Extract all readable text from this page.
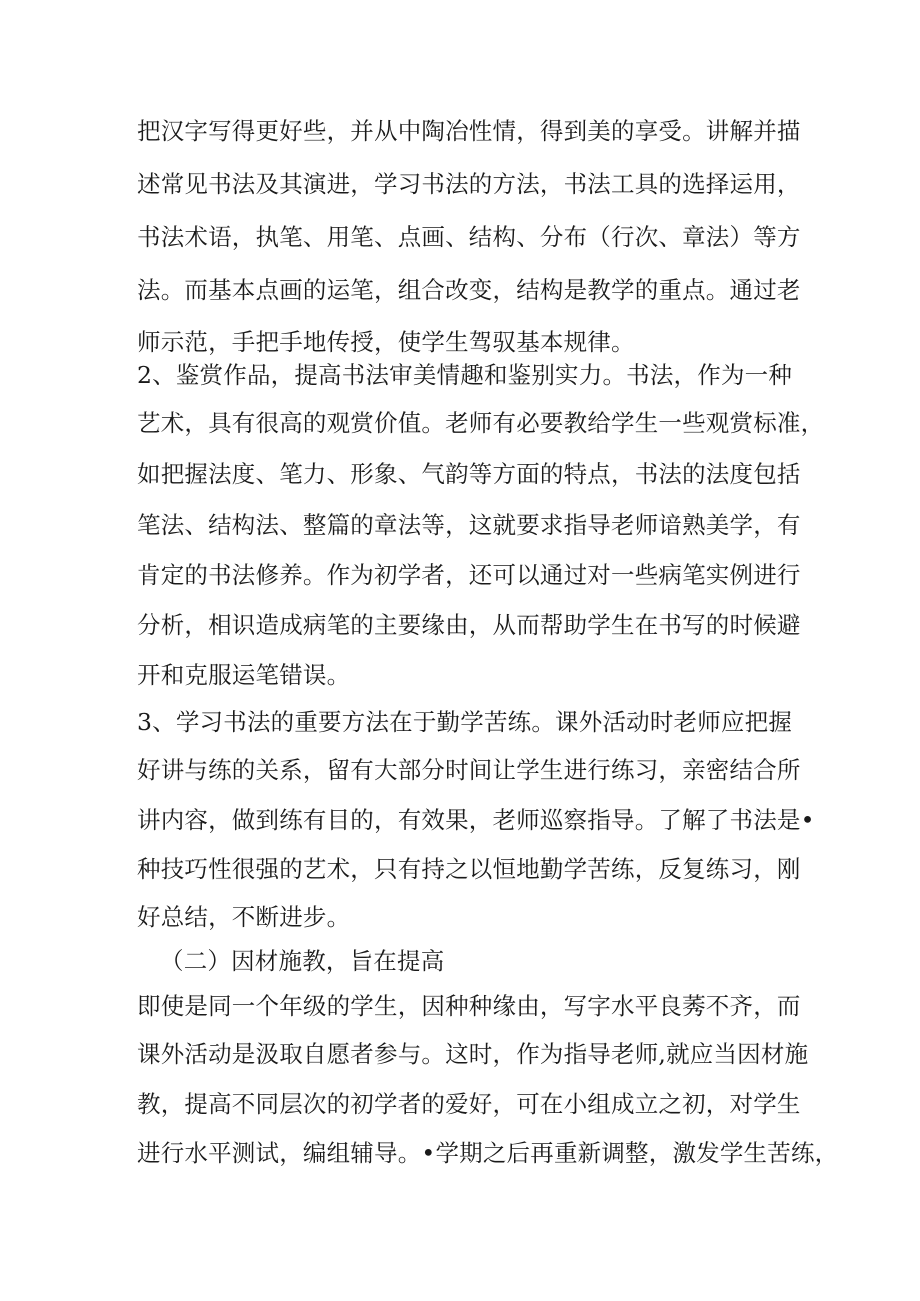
把汉字写得更好些，并从中陶冶性情，得到美的享受。讲解并描
述常见书法及其演进，学习书法的方法，书法工具的选择运用，
书法术语，执笔、用笔、点画、结构、分布（行次、章法）等方
法。而基本点画的运笔，组合改变，结构是教学的重点。通过老
师示范，手把手地传授，使学生驾驭基本规律。
2、鉴赏作品，提高书法审美情趣和鉴别实力。书法，作为一种
艺术，具有很高的观赏价值。老师有必要教给学生一些观赏标准，
如把握法度、笔力、形象、气韵等方面的特点，书法的法度包括
笔法、结构法、整篇的章法等，这就要求指导老师谙熟美学，有
肯定的书法修养。作为初学者，还可以通过对一些病笔实例进行
分析，相识造成病笔的主要缘由，从而帮助学生在书写的时候避
开和克服运笔错误。
3、学习书法的重要方法在于勤学苦练。课外活动时老师应把握
好讲与练的关系，留有大部分时间让学生进行练习，亲密结合所
讲内容，做到练有目的，有效果，老师巡察指导。了解了书法是•
种技巧性很强的艺术，只有持之以恒地勤学苦练，反复练习，刚
好总结，不断进步。
（二）因材施教，旨在提高
即使是同一个年级的学生，因种种缘由，写字水平良莠不齐，而
课外活动是汲取自愿者参与。这时，作为指导老师,就应当因材施
教，提高不同层次的初学者的爱好，可在小组成立之初，对学生
进行水平测试，编组辅导。•学期之后再重新调整，激发学生苦练，
